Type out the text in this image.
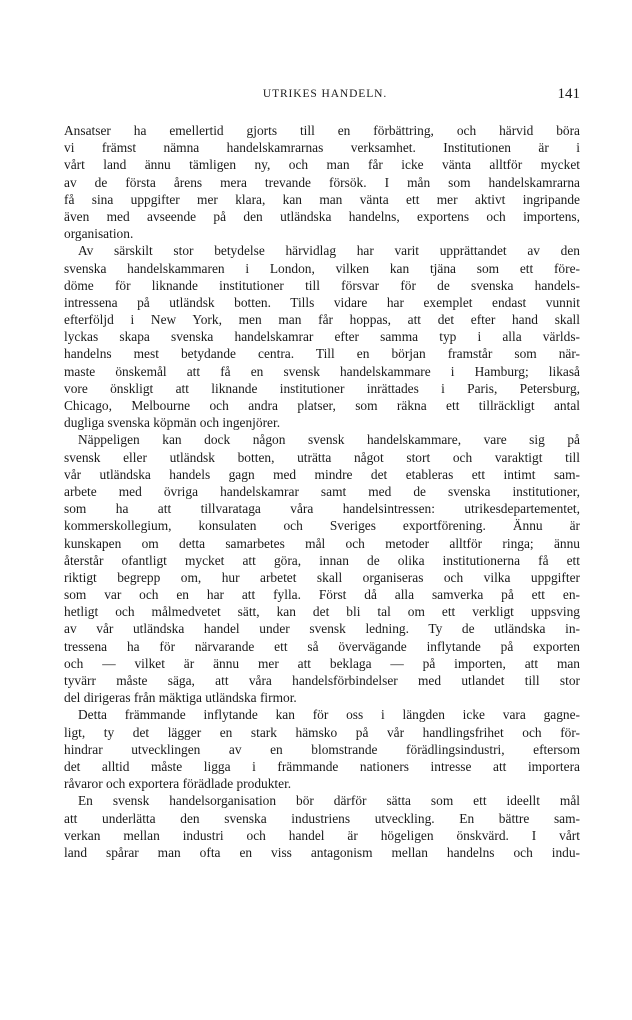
UTRIKES HANDELN.	141
Ansatser ha emellertid gjorts till en förbättring, och härvid böra
vi främst nämna handelskamrarnas verksamhet. Institutionen är i
vårt land ännu tämligen ny, och man får icke vänta alltför mycket
av de första årens mera trevande försök. I mån som handelskamrarna
få sina uppgifter mer klara, kan man vänta ett mer aktivt ingripande
även med avseende på den utländska handelns, exportens och importens,
organisation.
Av särskilt stor betydelse härvidlag har varit upprättandet av den
svenska handelskammaren i London, vilken kan tjäna som ett före-
döme för liknande institutioner till försvar för de svenska handels-
intressena på utländsk botten. Tills vidare har exemplet endast vunnit
efterföljd i New York, men man får hoppas, att det efter hand skall
lyckas skapa svenska handelskamrar efter samma typ i alla världs-
handelns mest betydande centra. Till en början framstår som när-
maste önskemål att få en svensk handelskammare i Hamburg; likaså
vore önskligt att liknande institutioner inrättades i Paris, Petersburg,
Chicago, Melbourne och andra platser, som räkna ett tillräckligt antal
dugliga svenska köpmän och ingenjörer.
Näppeligen kan dock någon svensk handelskammare, vare sig på
svensk eller utländsk botten, uträtta något stort och varaktigt till
vår utländska handels gagn med mindre det etableras ett intimt sam-
arbete med övriga handelskamrar samt med de svenska institutioner,
som ha att tillvarataga våra handelsintressen: utrikesdepartementet,
kommerskollegium, konsulaten och Sveriges exportförening. Ännu är
kunskapen om detta samarbetes mål och metoder alltför ringa; ännu
återstår ofantligt mycket att göra, innan de olika institutionerna få ett
riktigt begrepp om, hur arbetet skall organiseras och vilka uppgifter
som var och en har att fylla. Först då alla samverka på ett en-
hetligt och målmedvetet sätt, kan det bli tal om ett verkligt uppsving
av vår utländska handel under svensk ledning. Ty de utländska in-
tressena ha för närvarande ett så övervägande inflytande på exporten
och — vilket är ännu mer att beklaga — på importen, att man
tyvärr måste säga, att våra handelsförbindelser med utlandet till stor
del dirigeras från mäktiga utländska firmor.
Detta främmande inflytande kan för oss i längden icke vara gagne-
ligt, ty det lägger en stark hämsko på vår handlingsfrihet och för-
hindrar utvecklingen av en blomstrande förädlingsindustri, eftersom
det alltid måste ligga i främmande nationers intresse att importera
råvaror och exportera förädlade produkter.
En svensk handelsorganisation bör därför sätta som ett ideellt mål
att underlätta den svenska industriens utveckling. En bättre sam-
verkan mellan industri och handel är högeligen önskvärd. I vårt
land spårar man ofta en viss antagonism mellan handelns och indu-
